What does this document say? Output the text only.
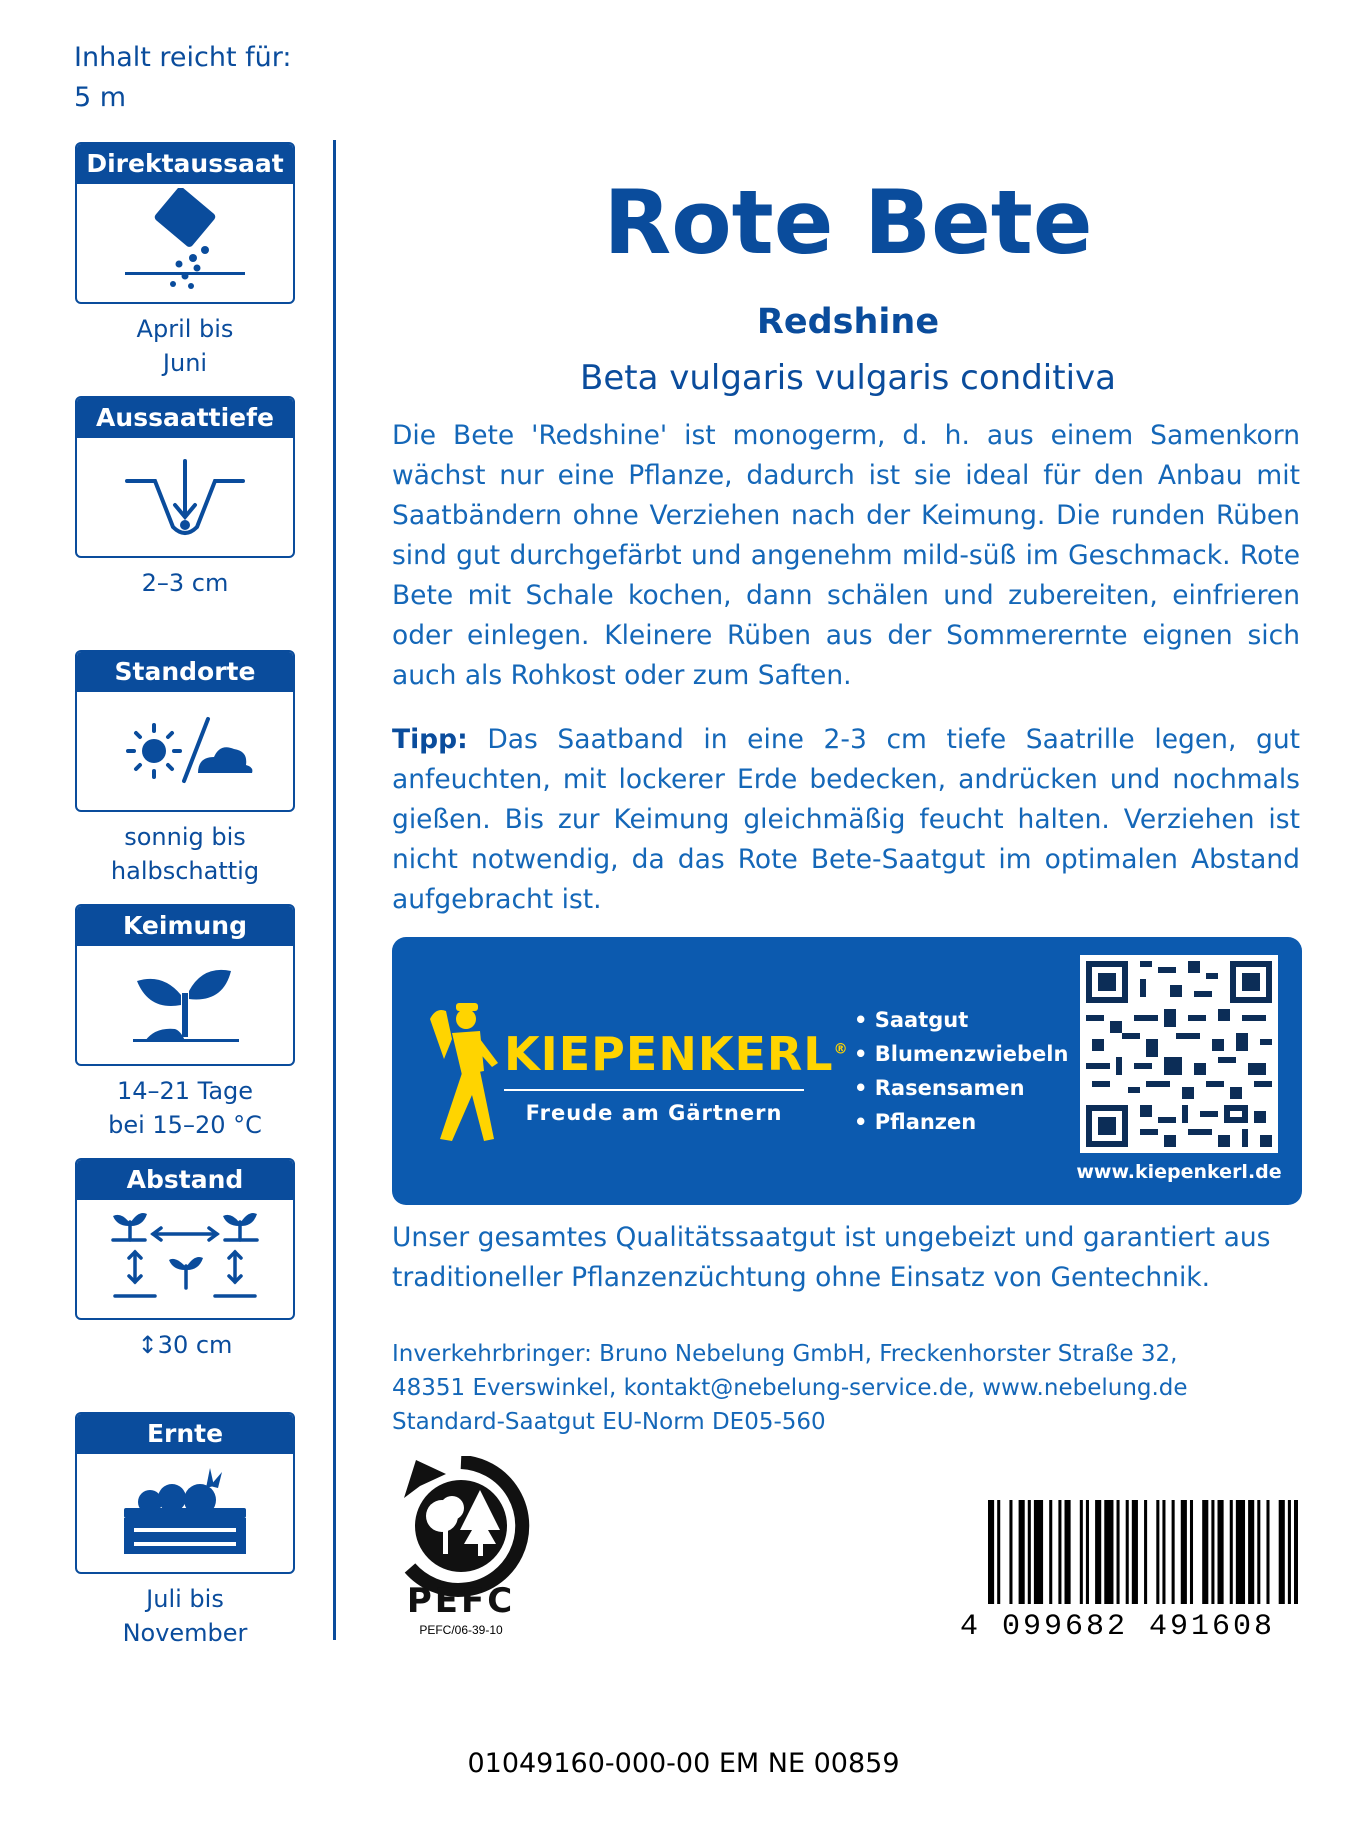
Inhalt reicht für:
5 m
Direktaussaat
April bis
Juni
Aussaattiefe
2–3 cm
Standorte
sonnig bis
halbschattig
Keimung
14–21 Tage
bei 15–20 °C
Abstand
↕30 cm
Ernte
Juli bis
November
Rote Bete
Redshine
Beta vulgaris vulgaris conditiva
Die Bete 'Redshine' ist monogerm, d. h. aus einem Samenkorn wächst nur eine Pflanze, dadurch ist sie ideal für den Anbau mit Saatbändern ohne Verziehen nach der Keimung. Die runden Rüben sind gut durchgefärbt und angenehm mild-süß im Geschmack. Rote Bete mit Schale kochen, dann schälen und zubereiten, einfrieren oder einlegen. Kleinere Rüben aus der Sommerernte eignen sich auch als Rohkost oder zum Saften.
Tipp: Das Saatband in eine 2-3 cm tiefe Saatrille legen, gut anfeuchten, mit lockerer Erde bedecken, andrücken und nochmals gießen. Bis zur Keimung gleichmäßig feucht halten. Verziehen ist nicht notwendig, da das Rote Bete-Saatgut im optimalen Abstand aufgebracht ist.
KIEPENKERL®
Freude am Gärtnern
• Saatgut
• Blumenzwiebeln
• Rasensamen
• Pflanzen
www.kiepenkerl.de
Unser gesamtes Qualitätssaatgut ist ungebeizt und garantiert aus traditioneller Pflanzenzüchtung ohne Einsatz von Gentechnik.
Inverkehrbringer: Bruno Nebelung GmbH, Freckenhorster Straße 32,
48351 Everswinkel, kontakt@nebelung-service.de, www.nebelung.de
Standard-Saatgut EU-Norm DE05-560
PEFC
PEFC/06-39-10	4 099682 491608
01049160-000-00 EM NE 00859
